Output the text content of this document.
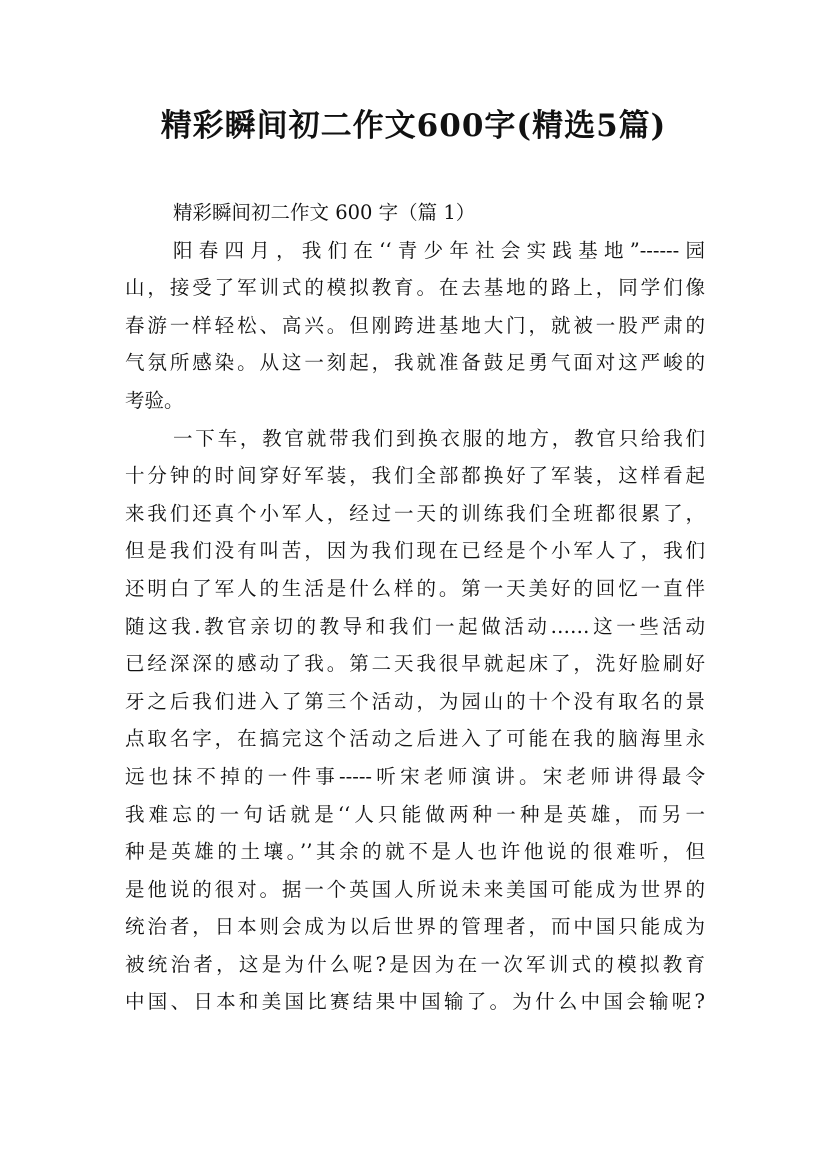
精彩瞬间初二作文600字(精选5篇)
精彩瞬间初二作文 600 字（篇 1）
阳春四月，我们在‘‘青少年社会实践基地”------园
山，接受了军训式的模拟教育。在去基地的路上，同学们像
春游一样轻松、高兴。但刚跨进基地大门，就被一股严肃的
气氛所感染。从这一刻起，我就准备鼓足勇气面对这严峻的
考验。
一下车，教官就带我们到换衣服的地方，教官只给我们
十分钟的时间穿好军装，我们全部都换好了军装，这样看起
来我们还真个小军人，经过一天的训练我们全班都很累了，
但是我们没有叫苦，因为我们现在已经是个小军人了，我们
还明白了军人的生活是什么样的。第一天美好的回忆一直伴
随这我.教官亲切的教导和我们一起做活动……这一些活动
已经深深的感动了我。第二天我很早就起床了，洗好脸刷好
牙之后我们进入了第三个活动，为园山的十个没有取名的景
点取名字，在搞完这个活动之后进入了可能在我的脑海里永
远也抹不掉的一件事-----听宋老师演讲。宋老师讲得最令
我难忘的一句话就是‘‘人只能做两种一种是英雄，而另一
种是英雄的土壤。’’其余的就不是人也许他说的很难听，但
是他说的很对。据一个英国人所说未来美国可能成为世界的
统治者，日本则会成为以后世界的管理者，而中国只能成为
被统治者，这是为什么呢?是因为在一次军训式的模拟教育
中国、日本和美国比赛结果中国输了。为什么中国会输呢?
